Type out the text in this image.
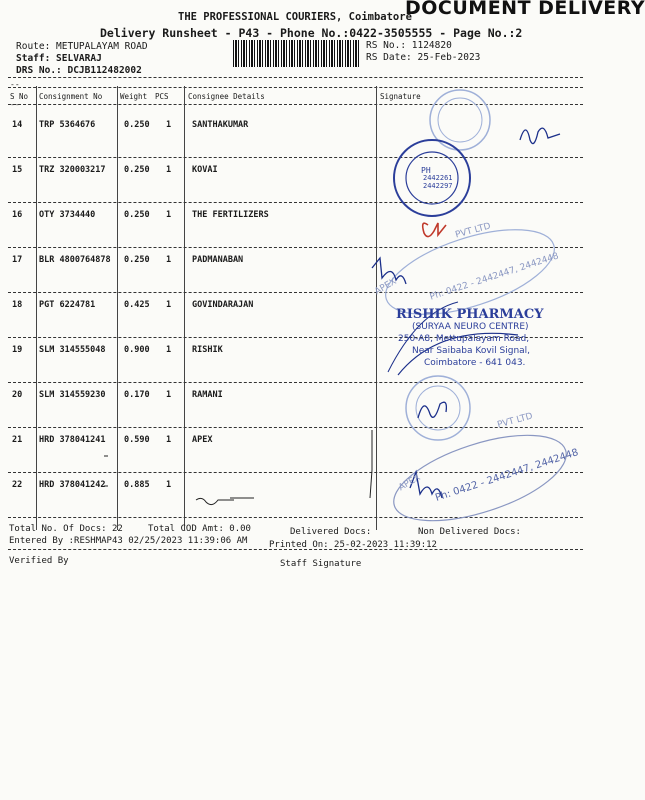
THE PROFESSIONAL COURIERS, Coimbatore
DOCUMENT DELIVERY
Delivery Runsheet - P43 - Phone No.:0422-3505555 - Page No.:2
Route: METUPALAYAM ROAD
Staff: SELVARAJ
DRS No.: DCJB112482002
RS No.: 1124820
RS Date: 25-Feb-2023
--
S No Consignment No Weight PCS	Consignee Details	Signature
--
14 TRP 5364676	0.250 1 SANTHAKUMAR
15 TRZ 320003217 0.250 1 KOVAI
16 OTY 3734440	0.250 1 THE FERTILIZERS
17 BLR 4800764878 0.250 1 PADMANABAN
18 PGT 6224781	0.425 1 GOVINDARAJAN
19 SLM 314555048 0.900 1 RISHIK
20 SLM 314559230 0.170 1 RAMANI
21 HRD 378041241 0.590 1 APEX
22 HRD 378041242 0.885 1
Total No. Of Docs: 22	Total COD Amt: 0.00	Delivered Docs:	Non Delivered Docs:
Entered By :RESHMAP43 02/25/2023 11:39:06 AM Printed On: 25-02-2023 11:39:12
Verified By	Staff Signature
PVT LTD
Ph: 0422 - 2442447, 2442448
APEX
PVT LTD
Ph: 0422 - 2442447, 2442448
APEX
PH
2442261
2442297
RISHIK PHARMACY
(SURYAA NEURO CENTRE)
250-A8, Mettupalayam Road,
Near Saibaba Kovil Signal,
Coimbatore - 641 043.
